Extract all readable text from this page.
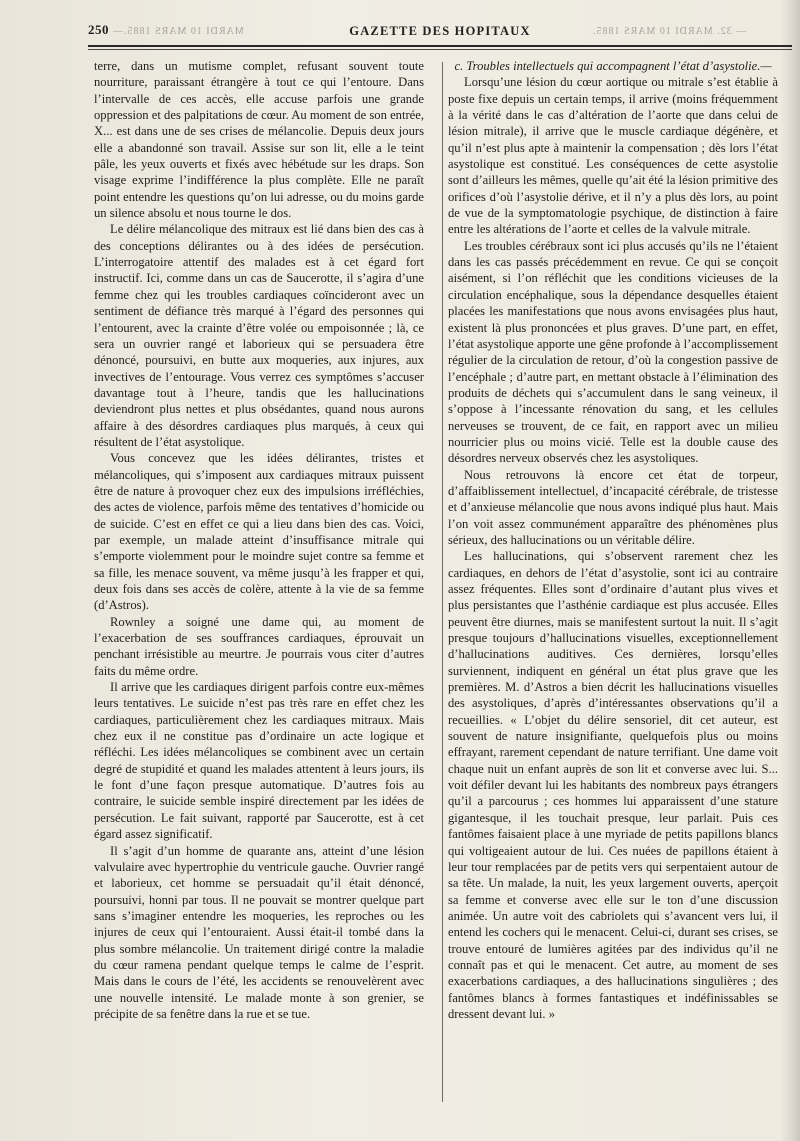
MARDI 10 MARS 1885.—	— 32. MARDI 10 MARS 1885.
250	GAZETTE DES HOPITAUX

terre, dans un mutisme complet, refusant souvent toute nourriture, paraissant étrangère à tout ce qui l’entoure. Dans l’intervalle de ces accès, elle accuse parfois une grande oppression et des palpitations de cœur. Au moment de son entrée, X... est dans une de ses crises de mélancolie. Depuis deux jours elle a abandonné son travail. Assise sur son lit, elle a le teint pâle, les yeux ouverts et fixés avec hébétude sur les draps. Son visage exprime l’indifférence la plus complète. Elle ne paraît point entendre les questions qu’on lui adresse, ou du moins garde un silence absolu et nous tourne le dos.

Le délire mélancolique des mitraux est lié dans bien des cas à des conceptions délirantes ou à des idées de persécution. L’interrogatoire attentif des malades est à cet égard fort instructif. Ici, comme dans un cas de Saucerotte, il s’agira d’une femme chez qui les troubles cardiaques coïncideront avec un sentiment de défiance très marqué à l’égard des personnes qui l’entourent, avec la crainte d’être volée ou empoisonnée ; là, ce sera un ouvrier rangé et laborieux qui se persuadera être dénoncé, poursuivi, en butte aux moqueries, aux injures, aux invectives de l’entourage. Vous verrez ces symptômes s’accuser davantage tout à l’heure, tandis que les hallucinations deviendront plus nettes et plus obsédantes, quand nous aurons affaire à des désordres cardiaques plus marqués, à ceux qui résultent de l’état asystolique.

Vous concevez que les idées délirantes, tristes et mélancoliques, qui s’imposent aux cardiaques mitraux puissent être de nature à provoquer chez eux des impulsions irréfléchies, des actes de violence, parfois même des tentatives d’homicide ou de suicide. C’est en effet ce qui a lieu dans bien des cas. Voici, par exemple, un malade atteint d’insuffisance mitrale qui s’emporte violemment pour le moindre sujet contre sa femme et sa fille, les menace souvent, va même jusqu’à les frapper et qui, deux fois dans ses accès de colère, attente à la vie de sa femme (d’Astros).

Rownley a soigné une dame qui, au moment de l’exacerbation de ses souffrances cardiaques, éprouvait un penchant irrésistible au meurtre. Je pourrais vous citer d’autres faits du même ordre.

Il arrive que les cardiaques dirigent parfois contre eux-mêmes leurs tentatives. Le suicide n’est pas très rare en effet chez les cardiaques, particulièrement chez les cardiaques mitraux. Mais chez eux il ne constitue pas d’ordinaire un acte logique et réfléchi. Les idées mélancoliques se combinent avec un certain degré de stupidité et quand les malades attentent à leurs jours, ils le font d’une façon presque automatique. D’autres fois au contraire, le suicide semble inspiré directement par les idées de persécution. Le fait suivant, rapporté par Saucerotte, est à cet égard assez significatif.

Il s’agit d’un homme de quarante ans, atteint d’une lésion valvulaire avec hypertrophie du ventricule gauche. Ouvrier rangé et laborieux, cet homme se persuadait qu’il était dénoncé, poursuivi, honni par tous. Il ne pouvait se montrer quelque part sans s’imaginer entendre les moqueries, les reproches ou les injures de ceux qui l’entouraient. Aussi était-il tombé dans la plus sombre mélancolie. Un traitement dirigé contre la maladie du cœur ramena pendant quelque temps le calme de l’esprit. Mais dans le cours de l’été, les accidents se renouvelèrent avec une nouvelle intensité. Le malade monte à son grenier, se précipite de sa fenêtre dans la rue et se tue.

c. Troubles intellectuels qui accompagnent l’état d’asystolie.—

Lorsqu’une lésion du cœur aortique ou mitrale s’est établie à poste fixe depuis un certain temps, il arrive (moins fréquemment à la vérité dans le cas d’altération de l’aorte que dans celui de lésion mitrale), il arrive que le muscle cardiaque dégénère, et qu’il n’est plus apte à maintenir la compensation ; dès lors l’état asystolique est constitué. Les conséquences de cette asystolie sont d’ailleurs les mêmes, quelle qu’ait été la lésion primitive des orifices d’où l’asystolie dérive, et il n’y a plus dès lors, au point de vue de la symptomatologie psychique, de distinction à faire entre les altérations de l’aorte et celles de la valvule mitrale.

Les troubles cérébraux sont ici plus accusés qu’ils ne l’étaient dans les cas passés précédemment en revue. Ce qui se conçoit aisément, si l’on réfléchit que les conditions vicieuses de la circulation encéphalique, sous la dépendance desquelles étaient placées les manifestations que nous avons envisagées plus haut, existent là plus prononcées et plus graves. D’une part, en effet, l’état asystolique apporte une gêne profonde à l’accomplissement régulier de la circulation de retour, d’où la congestion passive de l’encéphale ; d’autre part, en mettant obstacle à l’élimination des produits de déchets qui s’accumulent dans le sang veineux, il s’oppose à l’incessante rénovation du sang, et les cellules nerveuses se trouvent, de ce fait, en rapport avec un milieu nourricier plus ou moins vicié. Telle est la double cause des désordres nerveux observés chez les asystoliques.

Nous retrouvons là encore cet état de torpeur, d’affaiblissement intellectuel, d’incapacité cérébrale, de tristesse et d’anxieuse mélancolie que nous avons indiqué plus haut. Mais l’on voit assez communément apparaître des phénomènes plus sérieux, des hallucinations ou un véritable délire.

Les hallucinations, qui s’observent rarement chez les cardiaques, en dehors de l’état d’asystolie, sont ici au contraire assez fréquentes. Elles sont d’ordinaire d’autant plus vives et plus persistantes que l’asthénie cardiaque est plus accusée. Elles peuvent être diurnes, mais se manifestent surtout la nuit. Il s’agit presque toujours d’hallucinations visuelles, exceptionnellement d’hallucinations auditives. Ces dernières, lorsqu’elles surviennent, indiquent en général un état plus grave que les premières. M. d’Astros a bien décrit les hallucinations visuelles des asystoliques, d’après d’intéressantes observations qu’il a recueillies. « L’objet du délire sensoriel, dit cet auteur, est souvent de nature insignifiante, quelquefois plus ou moins effrayant, rarement cependant de nature terrifiant. Une dame voit chaque nuit un enfant auprès de son lit et converse avec lui. S... voit défiler devant lui les habitants des nombreux pays étrangers qu’il a parcourus ; ces hommes lui apparaissent d’une stature gigantesque, il les touchait presque, leur parlait. Puis ces fantômes faisaient place à une myriade de petits papillons blancs qui voltigeaient autour de lui. Ces nuées de papillons étaient à leur tour remplacées par de petits vers qui serpentaient autour de sa tête. Un malade, la nuit, les yeux largement ouverts, aperçoit sa femme et converse avec elle sur le ton d’une discussion animée. Un autre voit des cabriolets qui s’avancent vers lui, il entend les cochers qui le menacent. Celui-ci, durant ses crises, se trouve entouré de lumières agitées par des individus qu’il ne connaît pas et qui le menacent. Cet autre, au moment de ses exacerbations cardiaques, a des hallucinations singulières ; des fantômes blancs à formes fantastiques et indéfinissables se dressent devant lui. »
